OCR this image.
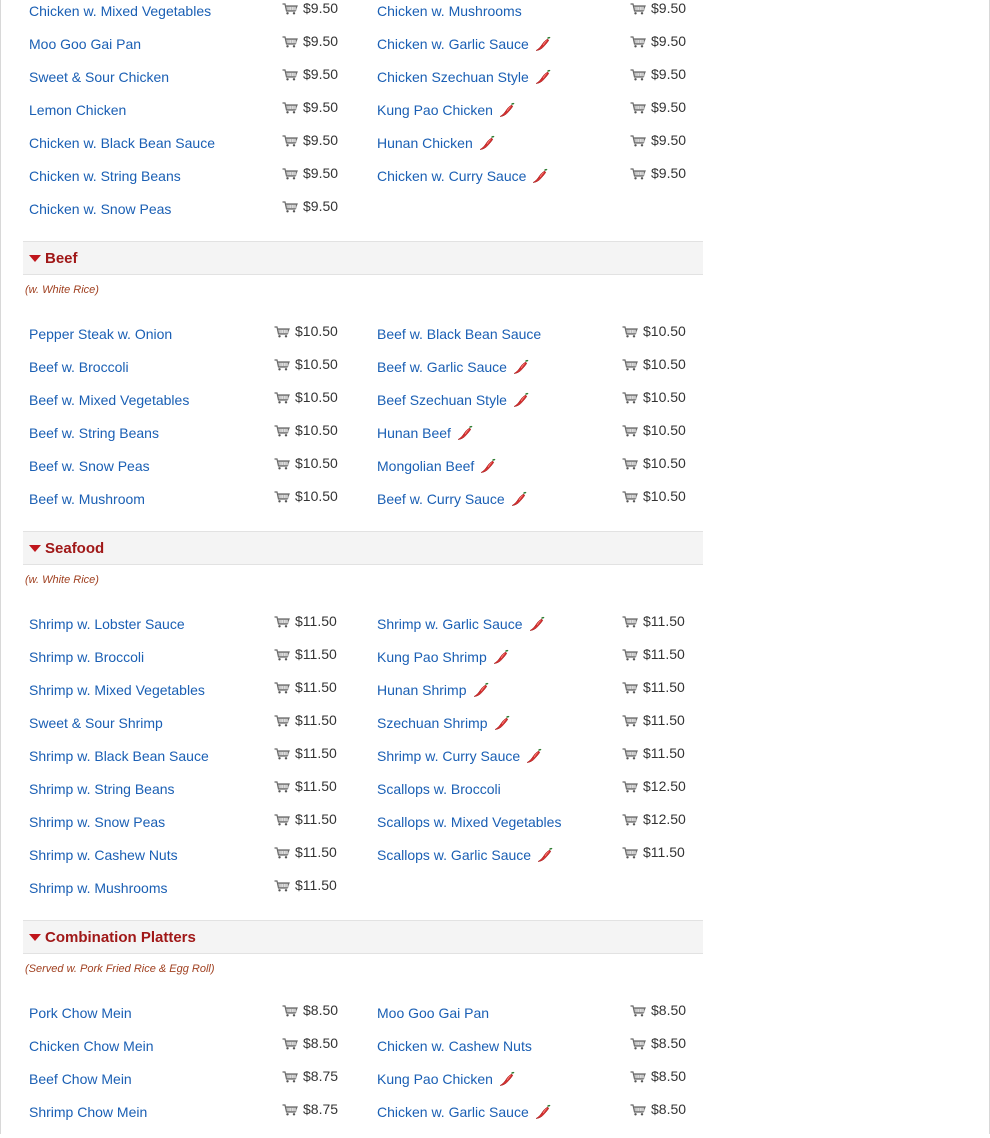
Chicken w. Mixed Vegetables	$9.50
Moo Goo Gai Pan	$9.50
Sweet & Sour Chicken	$9.50
Lemon Chicken	$9.50
Chicken w. Black Bean Sauce	$9.50
Chicken w. String Beans	$9.50
Chicken w. Snow Peas	$9.50
Chicken w. Mushrooms	$9.50
Chicken w. Garlic Sauce	$9.50
Chicken Szechuan Style	$9.50
Kung Pao Chicken	$9.50
Hunan Chicken	$9.50
Chicken w. Curry Sauce	$9.50
Beef
(w. White Rice)
Pepper Steak w. Onion	$10.50
Beef w. Broccoli	$10.50
Beef w. Mixed Vegetables	$10.50
Beef w. String Beans	$10.50
Beef w. Snow Peas	$10.50
Beef w. Mushroom	$10.50
Beef w. Black Bean Sauce	$10.50
Beef w. Garlic Sauce	$10.50
Beef Szechuan Style	$10.50
Hunan Beef	$10.50
Mongolian Beef	$10.50
Beef w. Curry Sauce	$10.50
Seafood
(w. White Rice)
Shrimp w. Lobster Sauce	$11.50
Shrimp w. Broccoli	$11.50
Shrimp w. Mixed Vegetables	$11.50
Sweet & Sour Shrimp	$11.50
Shrimp w. Black Bean Sauce	$11.50
Shrimp w. String Beans	$11.50
Shrimp w. Snow Peas	$11.50
Shrimp w. Cashew Nuts	$11.50
Shrimp w. Mushrooms	$11.50
Shrimp w. Garlic Sauce	$11.50
Kung Pao Shrimp	$11.50
Hunan Shrimp	$11.50
Szechuan Shrimp	$11.50
Shrimp w. Curry Sauce	$11.50
Scallops w. Broccoli	$12.50
Scallops w. Mixed Vegetables	$12.50
Scallops w. Garlic Sauce	$11.50
Combination Platters
(Served w. Pork Fried Rice & Egg Roll)
Pork Chow Mein	$8.50
Chicken Chow Mein	$8.50
Beef Chow Mein	$8.75
Shrimp Chow Mein	$8.75
Moo Goo Gai Pan	$8.50
Chicken w. Cashew Nuts	$8.50
Kung Pao Chicken	$8.50
Chicken w. Garlic Sauce	$8.50
